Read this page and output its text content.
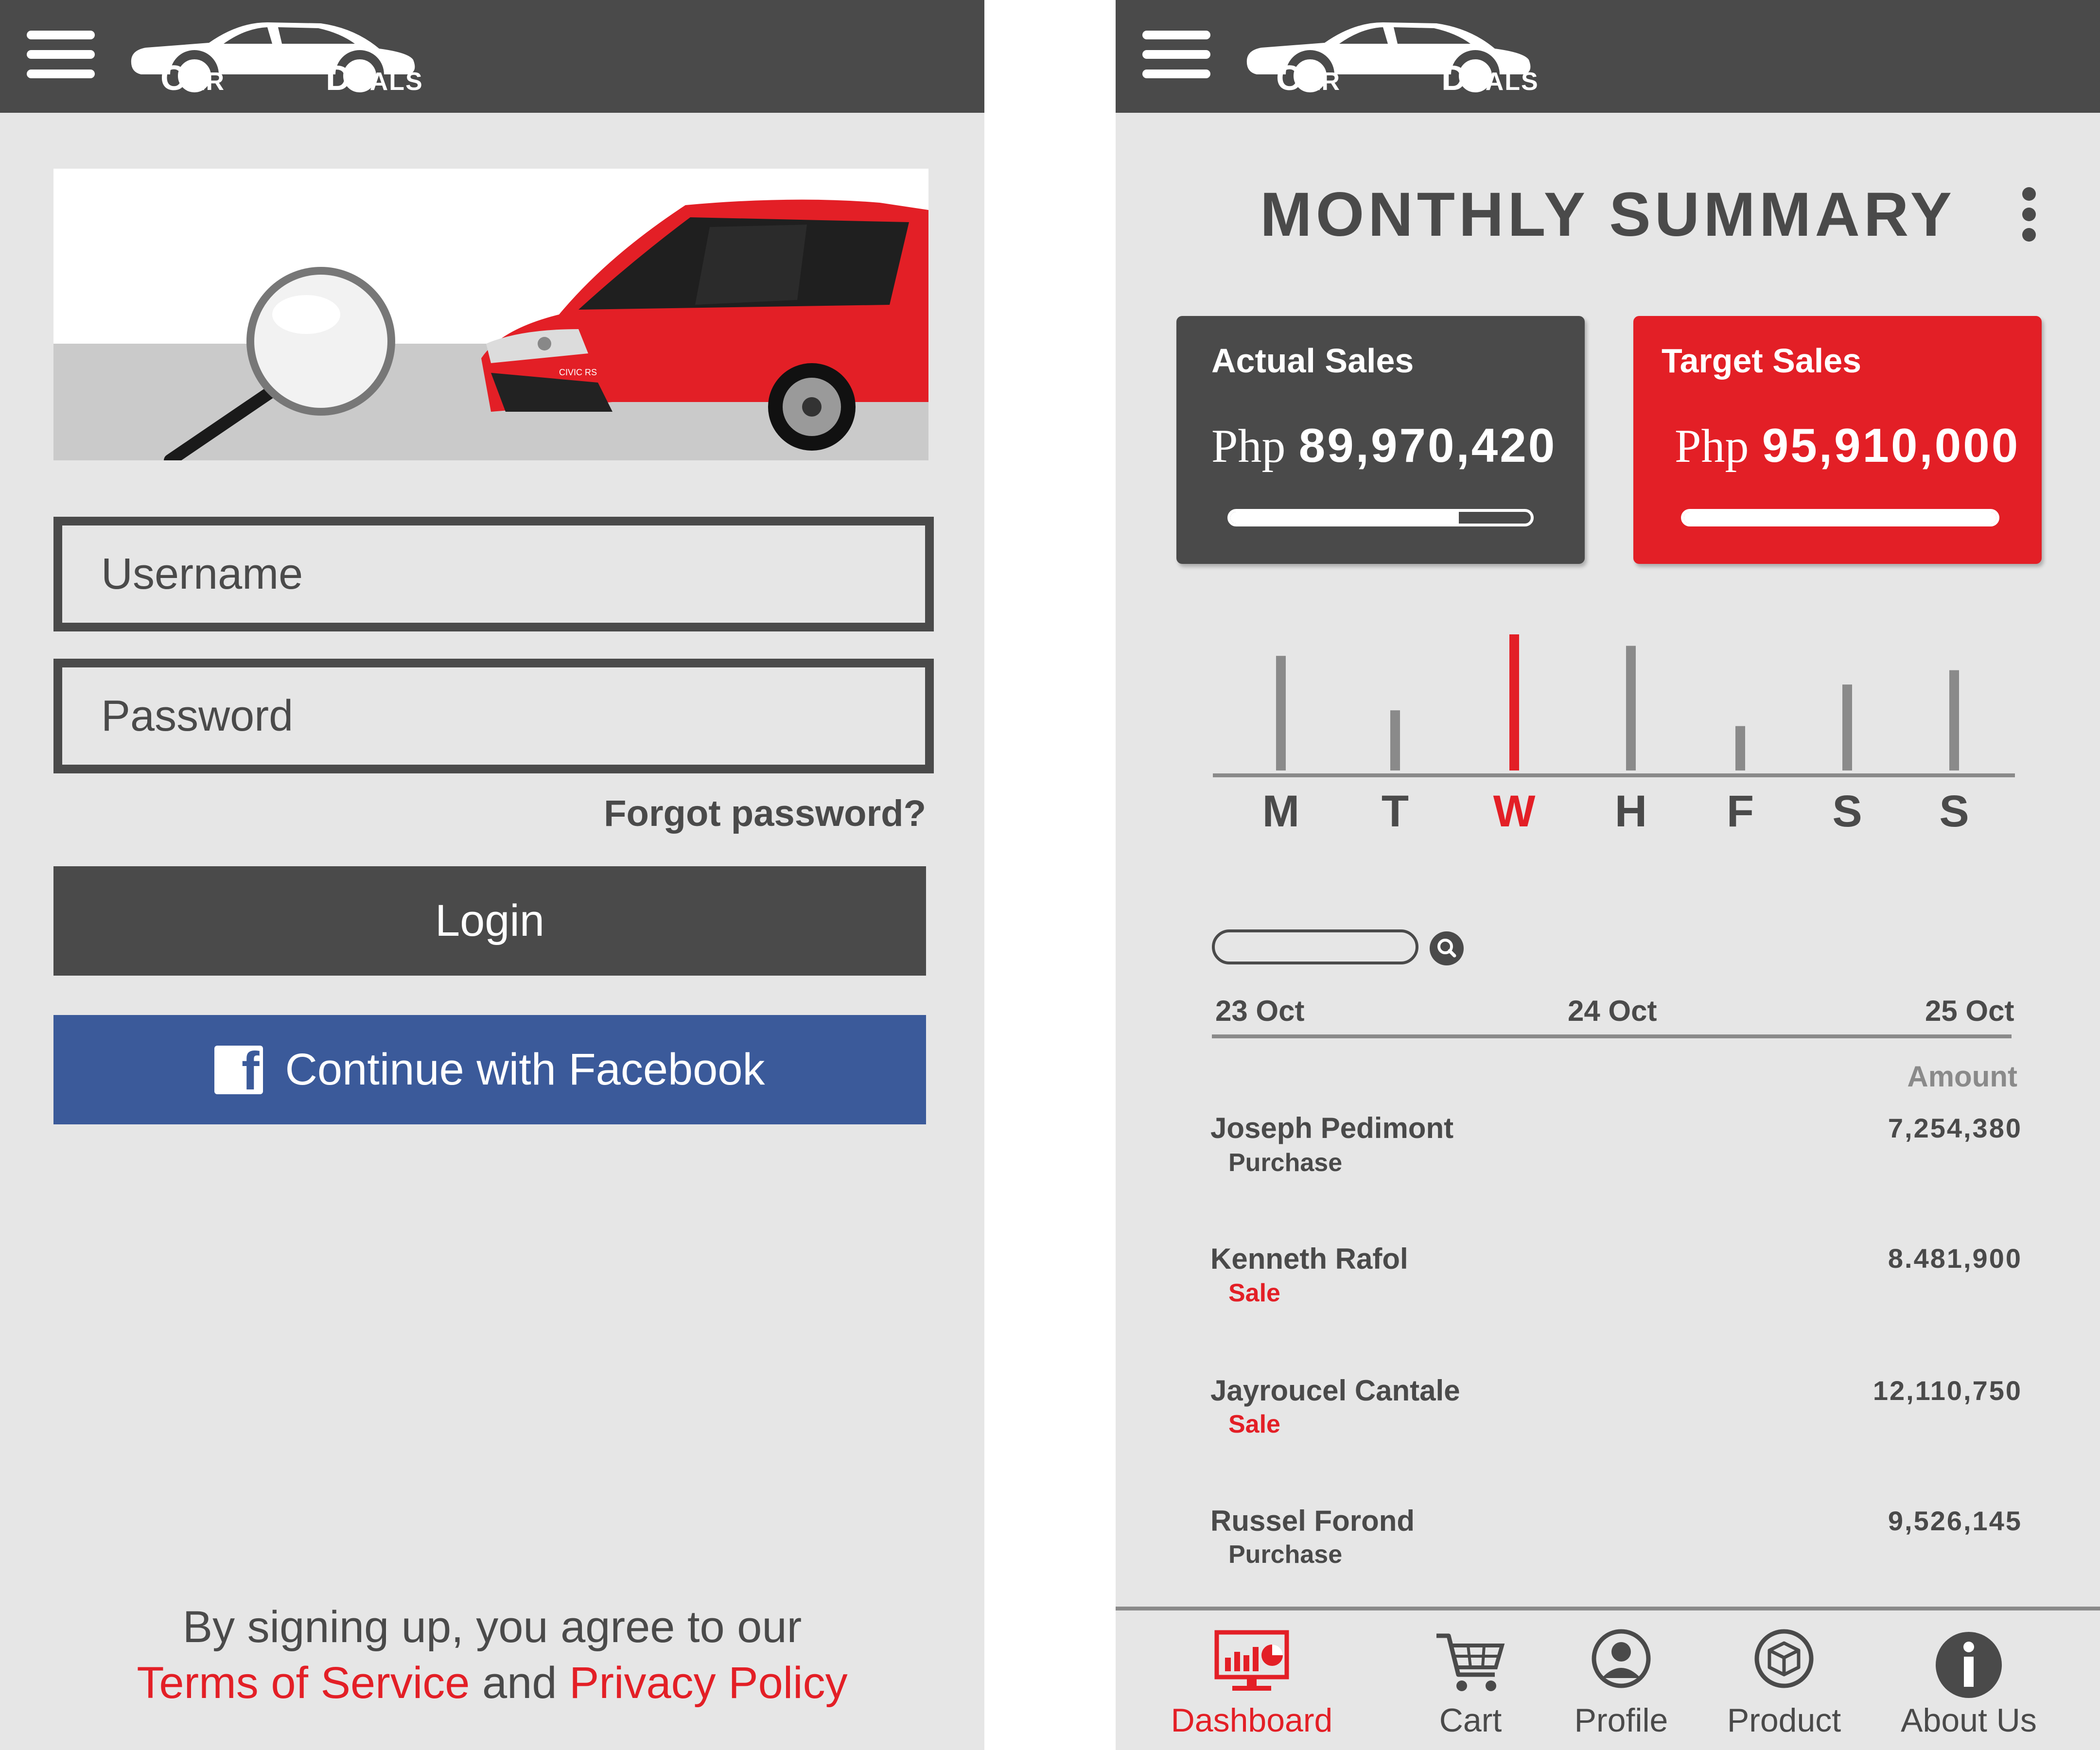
CAR	DEALS
CIVIC RS
Username
Forgot password?
Login
f Continue with Facebook
By signing up, you agree to our
Terms of Service and Privacy Policy
CAR	DEALS
MONTHLY SUMMARY
Actual Sales
Php 89,970,420
Target Sales
Php 95,910,000
M T W H F S S
23 Oct	24 Oct	25 Oct
Amount
Joseph Pedimont
Purchase
7,254,380
Kenneth Rafol
Sale
8.481,900
Jayroucel Cantale
Sale
12,110,750
Russel Forond
Purchase
9,526,145
Dashboard	Cart	Profile	Product	About Us
